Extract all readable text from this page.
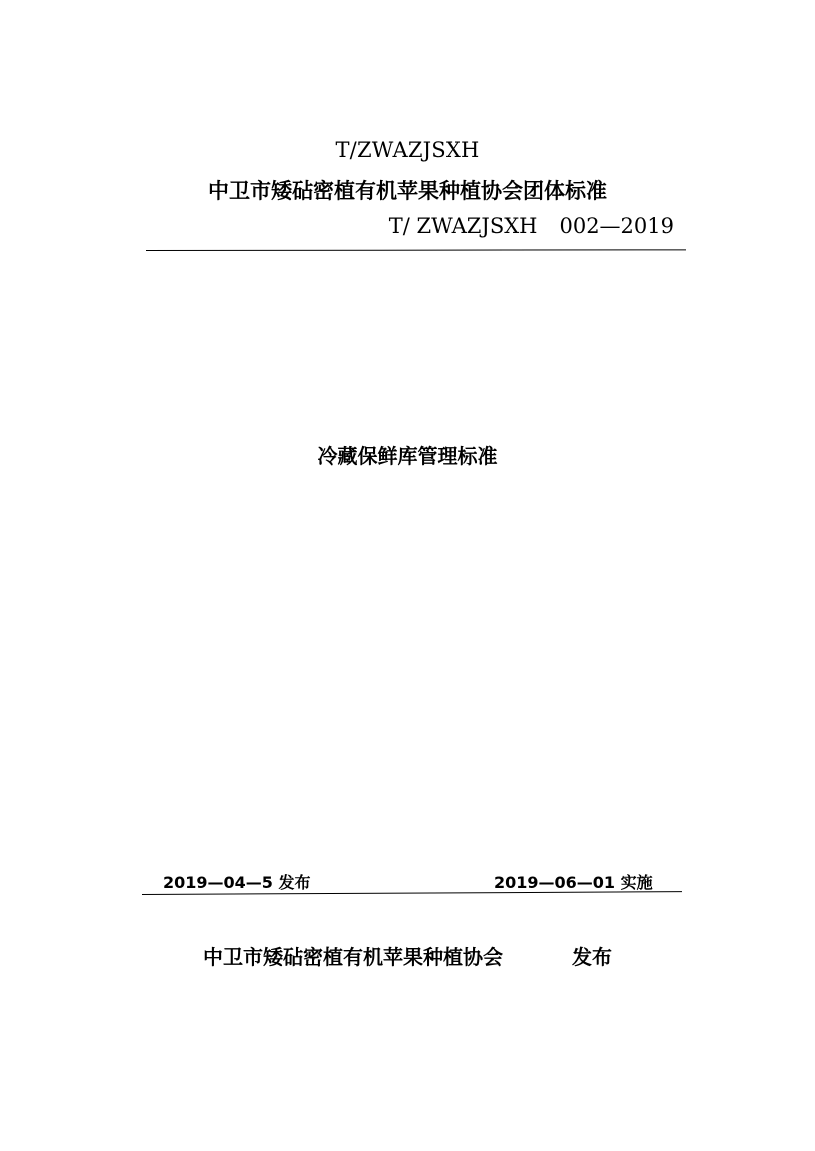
T/ZWAZJSXH
中卫市矮砧密植有机苹果种植协会团体标准
T/ ZWAZJSXH 002—2019
冷藏保鲜库管理标准
2019—04—5 发布	2019—06—01 实施
中卫市矮砧密植有机苹果种植协会	发布
